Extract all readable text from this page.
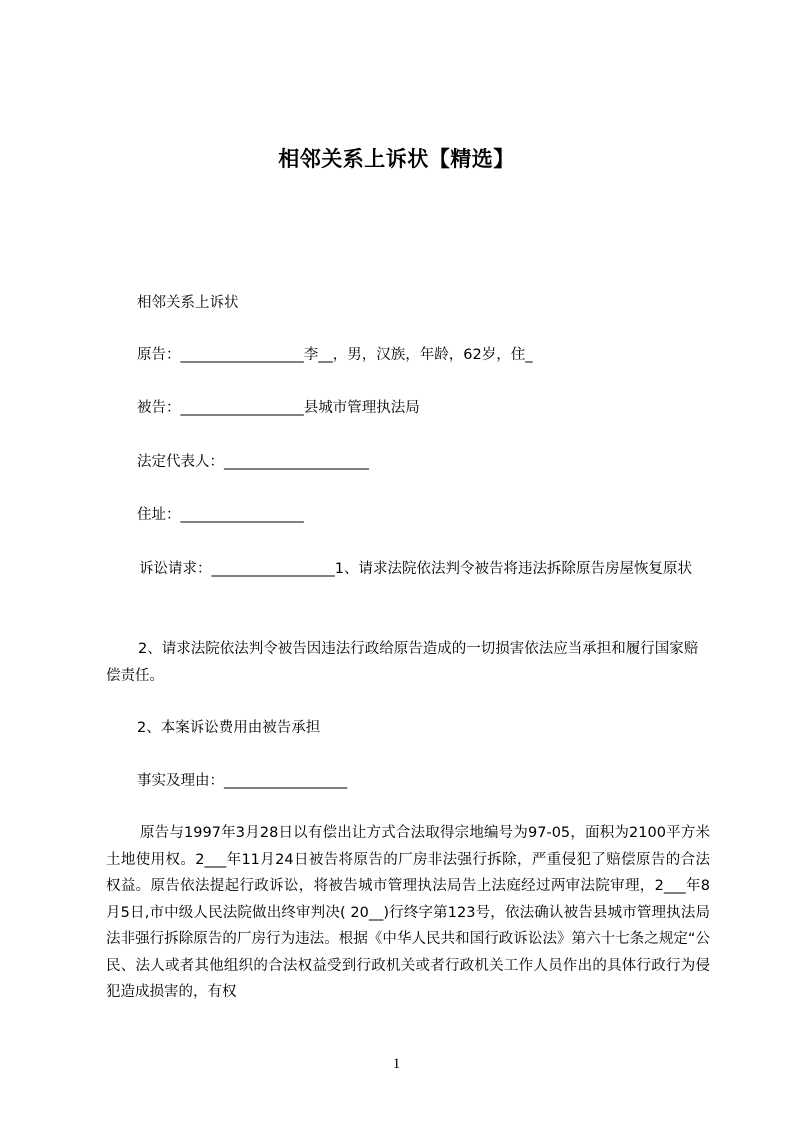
相邻关系上诉状【精选】
相邻关系上诉状
原告：_________________李__，男，汉族，年龄，62岁，住_
被告：_________________县城市管理执法局
法定代表人：____________________
住址：_________________
诉讼请求：_________________1、请求法院依法判令被告将违法拆除原告房屋恢复原状
2、请求法院依法判令被告因违法行政给原告造成的一切损害依法应当承担和履行国家赔偿责任。
2、本案诉讼费用由被告承担
事实及理由：_________________
原告与1997年3月28日以有偿出让方式合法取得宗地编号为97-05，面积为2100平方米土地使用权。2___年11月24日被告将原告的厂房非法强行拆除，严重侵犯了赔偿原告的合法权益。原告依法提起行政诉讼，将被告城市管理执法局告上法庭经过两审法院审理，2___年8月5日,市中级人民法院做出终审判决( 20__)行终字第123号，依法确认被告县城市管理执法局法非强行拆除原告的厂房行为违法。根据《中华人民共和国行政诉讼法》第六十七条之规定“公民、法人或者其他组织的合法权益受到行政机关或者行政机关工作人员作出的具体行政行为侵犯造成损害的，有权
1
